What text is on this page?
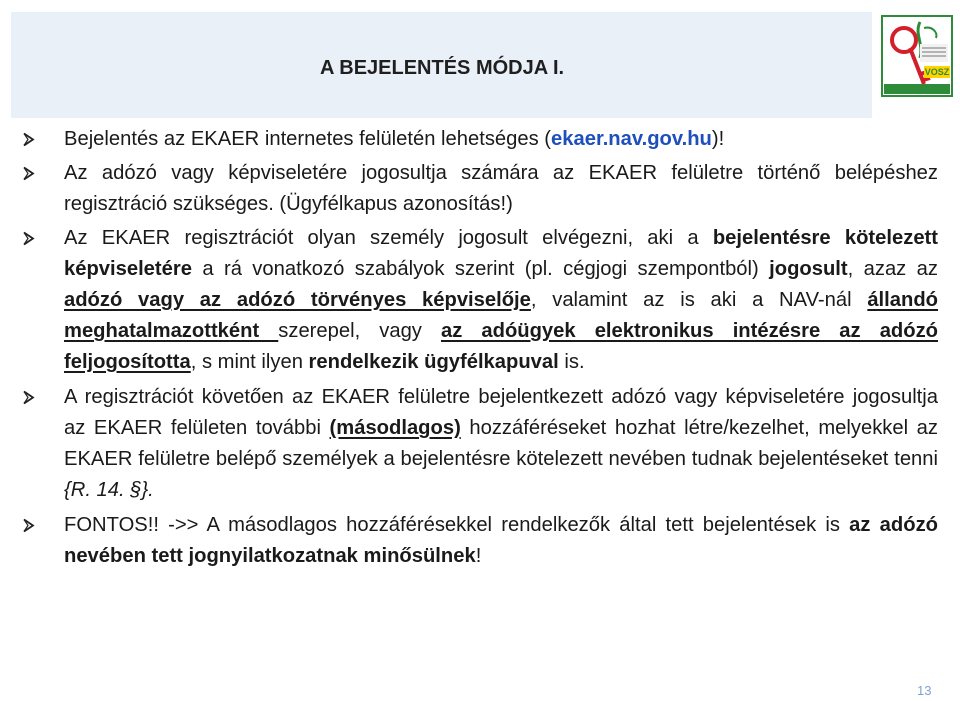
A BEJELENTÉS MÓDJA I.	VOSZ

Bejelentés az EKAER internetes felületén lehetséges (ekaer.nav.gov.hu)!

Az adózó vagy képviseletére jogosultja számára az EKAER felületre történő belépéshez regisztráció szükséges. (Ügyfélkapus azonosítás!)

Az EKAER regisztrációt olyan személy jogosult elvégezni, aki a bejelentésre kötelezett képviseletére a rá vonatkozó szabályok szerint (pl. cégjogi szempontból) jogosult, azaz az adózó vagy az adózó törvényes képviselője, valamint az is aki a NAV-nál állandó meghatalmazottként szerepel, vagy az adóügyek elektronikus intézésre az adózó feljogosította, s mint ilyen rendelkezik ügyfélkapuval is.

A regisztrációt követően az EKAER felületre bejelentkezett adózó vagy képviseletére jogosultja az EKAER felületen további (másodlagos) hozzáféréseket hozhat létre/kezelhet, melyekkel az EKAER felületre belépő személyek a bejelentésre kötelezett nevében tudnak bejelentéseket tenni {R. 14. §}.

FONTOS!! ->> A másodlagos hozzáférésekkel rendelkezők által tett bejelentések is az adózó nevében tett jognyilatkozatnak minősülnek!

13
